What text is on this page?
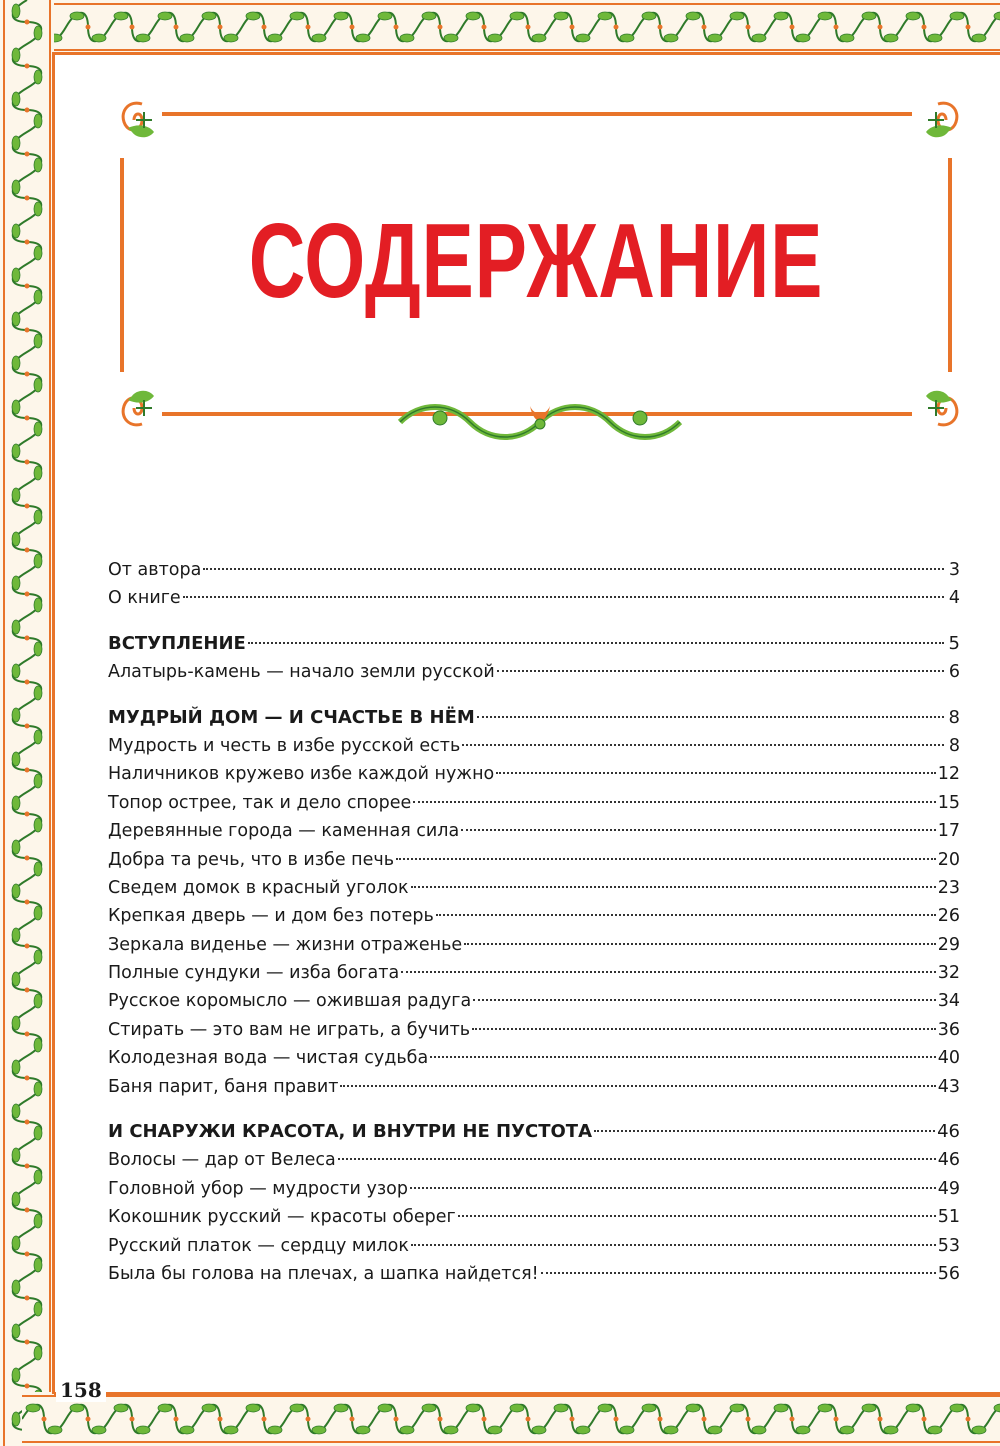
СОДЕРЖАНИЕ
От автора	3
О книге	4
ВСТУПЛЕНИЕ	5
Алатырь-камень — начало земли русской	6
МУДРЫЙ ДОМ — И СЧАСТЬЕ В НЁМ	8
Мудрость и честь в избе русской есть	8
Наличников кружево избе каждой нужно	12
Топор острее, так и дело спорее	15
Деревянные города — каменная сила	17
Добра та речь, что в избе печь	20
Сведем домок в красный уголок	23
Крепкая дверь — и дом без потерь	26
Зеркала виденье — жизни отраженье	29
Полные сундуки — изба богата	32
Русское коромысло — ожившая радуга	34
Стирать — это вам не играть, а бучить	36
Колодезная вода — чистая судьба	40
Баня парит, баня правит	43
И СНАРУЖИ КРАСОТА, И ВНУТРИ НЕ ПУСТОТА	46
Волосы — дар от Велеса	46
Головной убор — мудрости узор	49
Кокошник русский — красоты оберег	51
Русский платок — сердцу милок	53
Была бы голова на плечах, а шапка найдется!	56
158
